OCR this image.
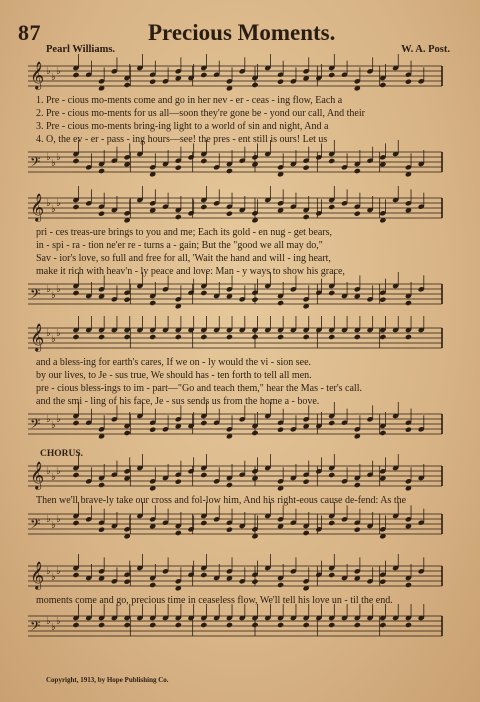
87	Precious Moments.
Pearl Williams.	W. A. Post.
𝄞 ♭
♭
♭
1. Pre - cious mo-ments come and go in her nev - er - ceas - ing flow, Each a
2. Pre - cious mo-ments for us all—soon they're gone be - yond our call, And their
3. Pre - cious mo-ments bring-ing light to a world of sin and night, And a
4. O, the ev - er - pass - ing hours—see! the pres - ent still is ours! Let us
𝄢 ♭
♭
♭
𝄞 ♭
♭
♭
pri - ces treas-ure brings to you and me; Each its gold - en nug - get bears,
in - spi - ra - tion ne'er re - turns a - gain; But the "good we all may do,"
Sav - ior's love, so full and free for all, 'Wait the hand and will - ing heart,
make it rich with heav'n - ly peace and love: Man - y ways to show his grace,
𝄢 ♭
♭
♭
𝄞 ♭
♭
♭
and a bless-ing for earth's cares, If we on - ly would the vi - sion see.
by our lives, to Je - sus true, We should has - ten forth to tell all men.
pre - cious bless-ings to im - part—"Go and teach them," hear the Mas - ter's call.
and the smi - ling of his face, Je - sus sends us from the home a - bove.
𝄢 ♭
♭
♭
CHORUS.
𝄞 ♭
♭
♭
Then we'll brave-ly take our cross and fol-low him, And his right-eous cause de-fend: As the
𝄢 ♭
♭
♭
𝄞 ♭
♭
♭
moments come and go, precious time in ceaseless flow, We'll tell his love un - til the end.
𝄢 ♭
♭
♭
Copyright, 1913, by Hope Publishing Co.
